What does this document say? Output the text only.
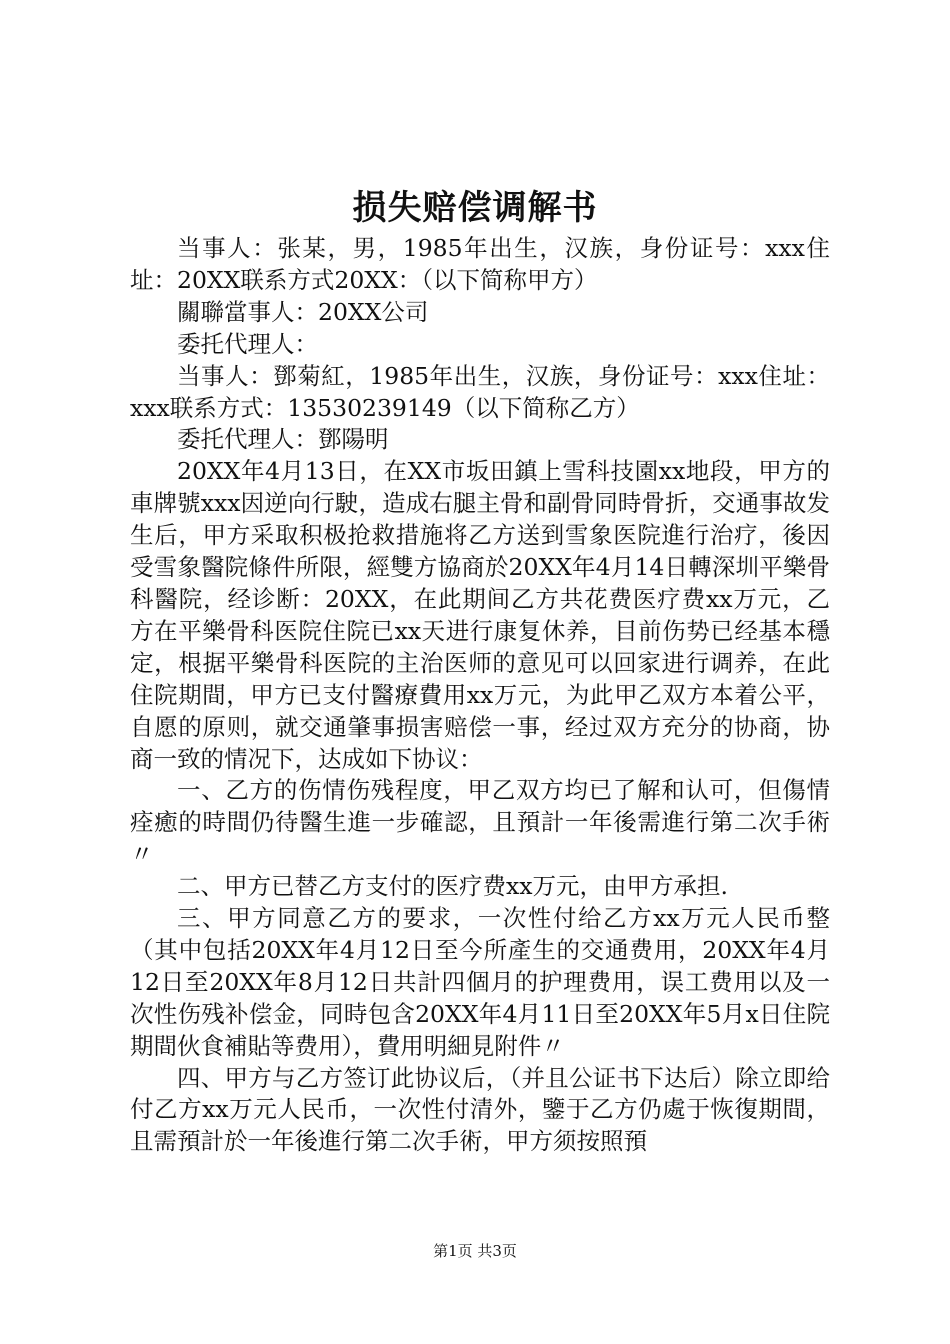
损失赔偿调解书

当事人：张某，男，1985年出生，汉族，身份证号：xxx住址：20XX联系方式20XX：（以下简称甲方）

關聯當事人：20XX公司

委托代理人：

当事人：鄧菊紅，1985年出生，汉族，身份证号：xxx住址：xxx联系方式：13530239149（以下简称乙方）

委托代理人：鄧陽明

20XX年4月13日，在XX市坂田鎮上雪科技園xx地段，甲方的車牌號xxx因逆向行駛，造成右腿主骨和副骨同時骨折，交通事故发生后，甲方采取积极抢救措施将乙方送到雪象医院進行治疗，後因受雪象醫院條件所限，經雙方協商於20XX年4月14日轉深圳平樂骨科醫院，经诊断：20XX，在此期间乙方共花费医疗费xx万元，乙方在平樂骨科医院住院已xx天进行康复休养，目前伤势已经基本穩定，根据平樂骨科医院的主治医师的意见可以回家进行调养，在此住院期間，甲方已支付醫療費用xx万元，为此甲乙双方本着公平，自愿的原则，就交通肇事损害赔偿一事，经过双方充分的协商，协商一致的情况下，达成如下协议：

一、乙方的伤情伤残程度，甲乙双方均已了解和认可，但傷情痊癒的時間仍待醫生進一步確認，且預計一年後需進行第二次手術〃

二、甲方已替乙方支付的医疗费xx万元，由甲方承担.

三、甲方同意乙方的要求，一次性付给乙方xx万元人民币整（其中包括20XX年4月12日至今所產生的交通费用，20XX年4月12日至20XX年8月12日共計四個月的护理费用，误工费用以及一次性伤残补偿金，同時包含20XX年4月11日至20XX年5月x日住院期間伙食補貼等费用），費用明細見附件〃

四、甲方与乙方签订此协议后，（并且公证书下达后）除立即给付乙方xx万元人民币，一次性付清外，鑒于乙方仍處于恢復期間，且需預計於一年後進行第二次手術，甲方须按照預

第1页 共3页
